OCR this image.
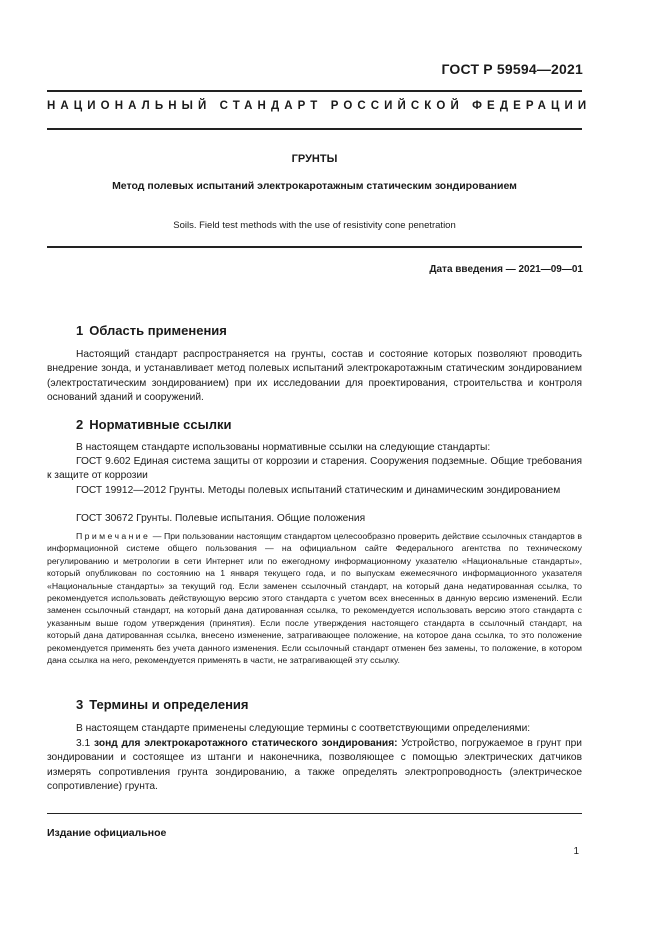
ГОСТ Р 59594—2021
НАЦИОНАЛЬНЫЙ СТАНДАРТ РОССИЙСКОЙ ФЕДЕРАЦИИ
ГРУНТЫ
Метод полевых испытаний электрокаротажным статическим зондированием
Soils. Field test methods with the use of resistivity cone penetration
Дата введения — 2021—09—01
1 Область применения
Настоящий стандарт распространяется на грунты, состав и состояние которых позволяют проводить внедрение зонда, и устанавливает метод полевых испытаний электрокаротажным статическим зондированием (электростатическим зондированием) при их исследовании для проектирования, строительства и контроля оснований зданий и сооружений.
2 Нормативные ссылки
В настоящем стандарте использованы нормативные ссылки на следующие стандарты:
ГОСТ 9.602 Единая система защиты от коррозии и старения. Сооружения подземные. Общие требования к защите от коррозии
ГОСТ 19912—2012 Грунты. Методы полевых испытаний статическим и динамическим зондированием
ГОСТ 30672 Грунты. Полевые испытания. Общие положения
Примечание — При пользовании настоящим стандартом целесообразно проверить действие ссылочных стандартов в информационной системе общего пользования — на официальном сайте Федерального агентства по техническому регулированию и метрологии в сети Интернет или по ежегодному информационному указателю «Национальные стандарты», который опубликован по состоянию на 1 января текущего года, и по выпускам ежемесячного информационного указателя «Национальные стандарты» за текущий год. Если заменен ссылочный стандарт, на который дана недатированная ссылка, то рекомендуется использовать действующую версию этого стандарта с учетом всех внесенных в данную версию изменений. Если заменен ссылочный стандарт, на который дана датированная ссылка, то рекомендуется использовать версию этого стандарта с указанным выше годом утверждения (принятия). Если после утверждения настоящего стандарта в ссылочный стандарт, на который дана датированная ссылка, внесено изменение, затрагивающее положение, на которое дана ссылка, то это положение рекомендуется применять без учета данного изменения. Если ссылочный стандарт отменен без замены, то положение, в котором дана ссылка на него, рекомендуется применять в части, не затрагивающей эту ссылку.
3 Термины и определения
В настоящем стандарте применены следующие термины с соответствующими определениями:
3.1 зонд для электрокаротажного статического зондирования: Устройство, погружаемое в грунт при зондировании и состоящее из штанги и наконечника, позволяющее с помощью электрических датчиков измерять сопротивления грунта зондированию, а также определять электропроводность (электрическое сопротивление) грунта.
Издание официальное
1
